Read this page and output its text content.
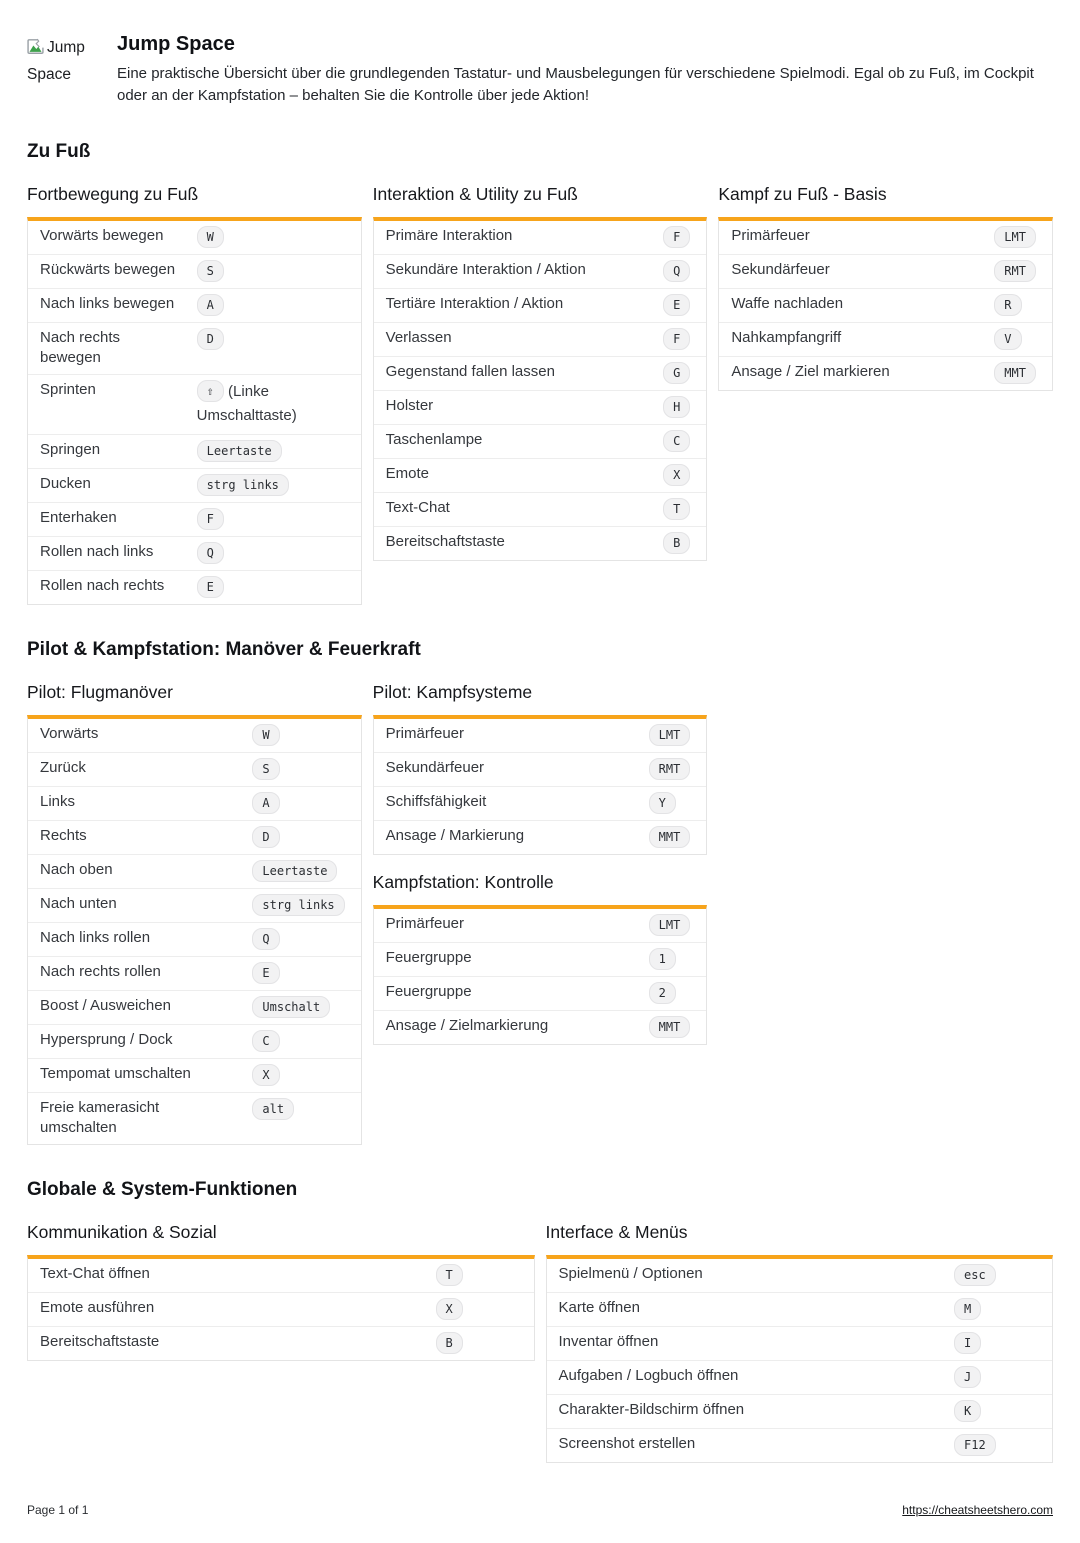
Jump Space
Jump Space

Eine praktische Übersicht über die grundlegenden Tastatur- und Mausbelegungen für verschiedene Spielmodi. Egal ob zu Fuß, im Cockpit oder an der Kampfstation – behalten Sie die Kontrolle über jede Aktion!

Zu Fuß
Fortbewegung zu Fuß
Vorwärts bewegen	W
Rückwärts bewegen	S
Nach links bewegen	A
Nach rechts bewegen	D
Sprinten	⇧ (Linke Umschalttaste)
Springen	Leertaste
Ducken	strg links
Enterhaken	F
Rollen nach links	Q
Rollen nach rechts	E
Interaktion & Utility zu Fuß
Primäre Interaktion	F
Sekundäre Interaktion / Aktion	Q
Tertiäre Interaktion / Aktion	E
Verlassen	F
Gegenstand fallen lassen	G
Holster	H
Taschenlampe	C
Emote	X
Text-Chat	T
Bereitschaftstaste	B
Kampf zu Fuß - Basis
Primärfeuer	LMT
Sekundärfeuer	RMT
Waffe nachladen	R
Nahkampfangriff	V
Ansage / Ziel markieren	MMT
Pilot & Kampfstation: Manöver & Feuerkraft
Pilot: Flugmanöver
Vorwärts	W
Zurück	S
Links	A
Rechts	D
Nach oben	Leertaste
Nach unten	strg links
Nach links rollen	Q
Nach rechts rollen	E
Boost / Ausweichen	Umschalt
Hypersprung / Dock	C
Tempomat umschalten	X
Freie kamerasicht umschalten	alt
Pilot: Kampfsysteme
Primärfeuer	LMT
Sekundärfeuer	RMT
Schiffsfähigkeit	Y
Ansage / Markierung	MMT
Kampfstation: Kontrolle
Primärfeuer	LMT
Feuergruppe	1
Feuergruppe	2
Ansage / Zielmarkierung	MMT
Globale & System-Funktionen
Kommunikation & Sozial
Text-Chat öffnen	T
Emote ausführen	X
Bereitschaftstaste	B
Interface & Menüs
Spielmenü / Optionen	esc
Karte öffnen	M
Inventar öffnen	I
Aufgaben / Logbuch öffnen	J
Charakter-Bildschirm öffnen	K
Screenshot erstellen	F12
Page 1 of 1	https://cheatsheetshero.com
